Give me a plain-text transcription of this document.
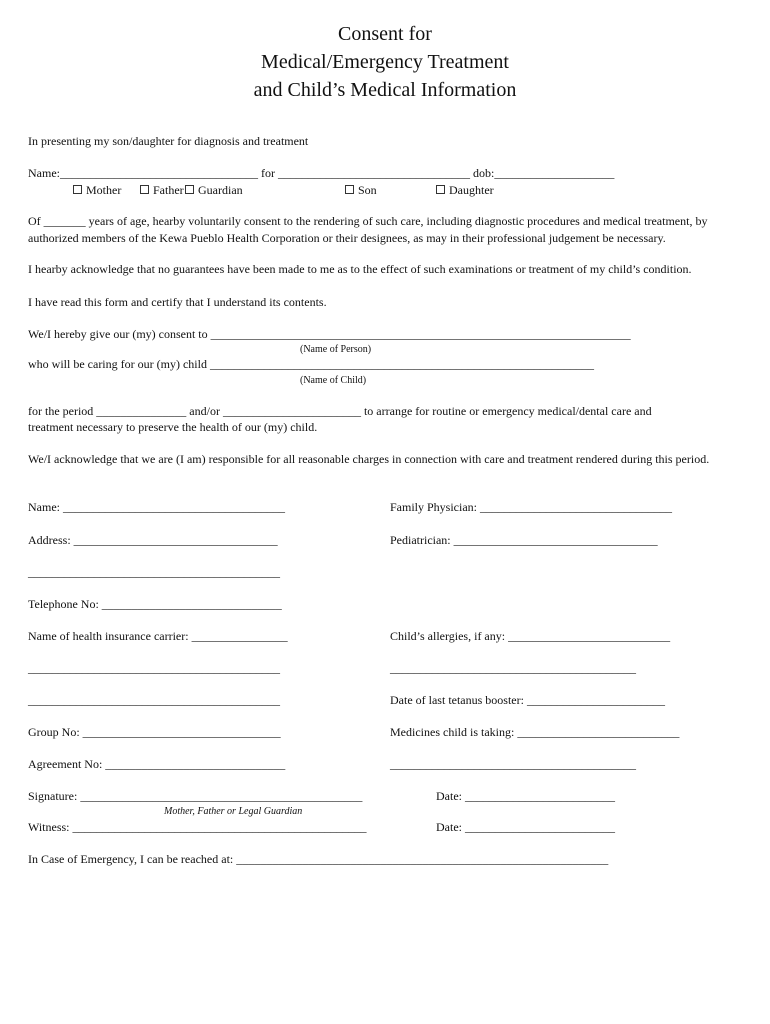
Consent for
Medical/Emergency Treatment
and Child’s Medical Information
In presenting my son/daughter for diagnosis and treatment
Name:_________________________________ for ________________________________ dob:____________________
Mother	Father	Guardian	Son	Daughter
Of _______ years of age, hearby voluntarily consent to the rendering of such care, including diagnostic procedures and medical treatment, by authorized members of the Kewa Pueblo Health Corporation or their designees, as may in their professional judgement be necessary.
I hearby acknowledge that no guarantees have been made to me as to the effect of such examinations or treatment of my child’s condition.
I have read this form and certify that I understand its contents.
We/I hereby give our (my) consent to ______________________________________________________________________
(Name of Person)
who will be caring for our (my) child ________________________________________________________________
(Name of Child)
for the period _______________ and/or _______________________ to arrange for routine or emergency medical/dental care and
treatment necessary to preserve the health of our (my) child.
We/I acknowledge that we are (I am) responsible for all reasonable charges in connection with care and treatment rendered during this period.
Name: _____________________________________	Family Physician: ________________________________
Address: __________________________________	Pediatrician: __________________________________
__________________________________________
Telephone No: ______________________________
Name of health insurance carrier: ________________	Child’s allergies, if any: ___________________________
__________________________________________	_________________________________________
__________________________________________	Date of last tetanus booster: _______________________
Group No: _________________________________	Medicines child is taking: ___________________________
Agreement No: ______________________________	_________________________________________
Signature: _______________________________________________	Date: _________________________
Mother, Father or Legal Guardian
Witness: _________________________________________________	Date: _________________________
In Case of Emergency, I can be reached at: ______________________________________________________________
